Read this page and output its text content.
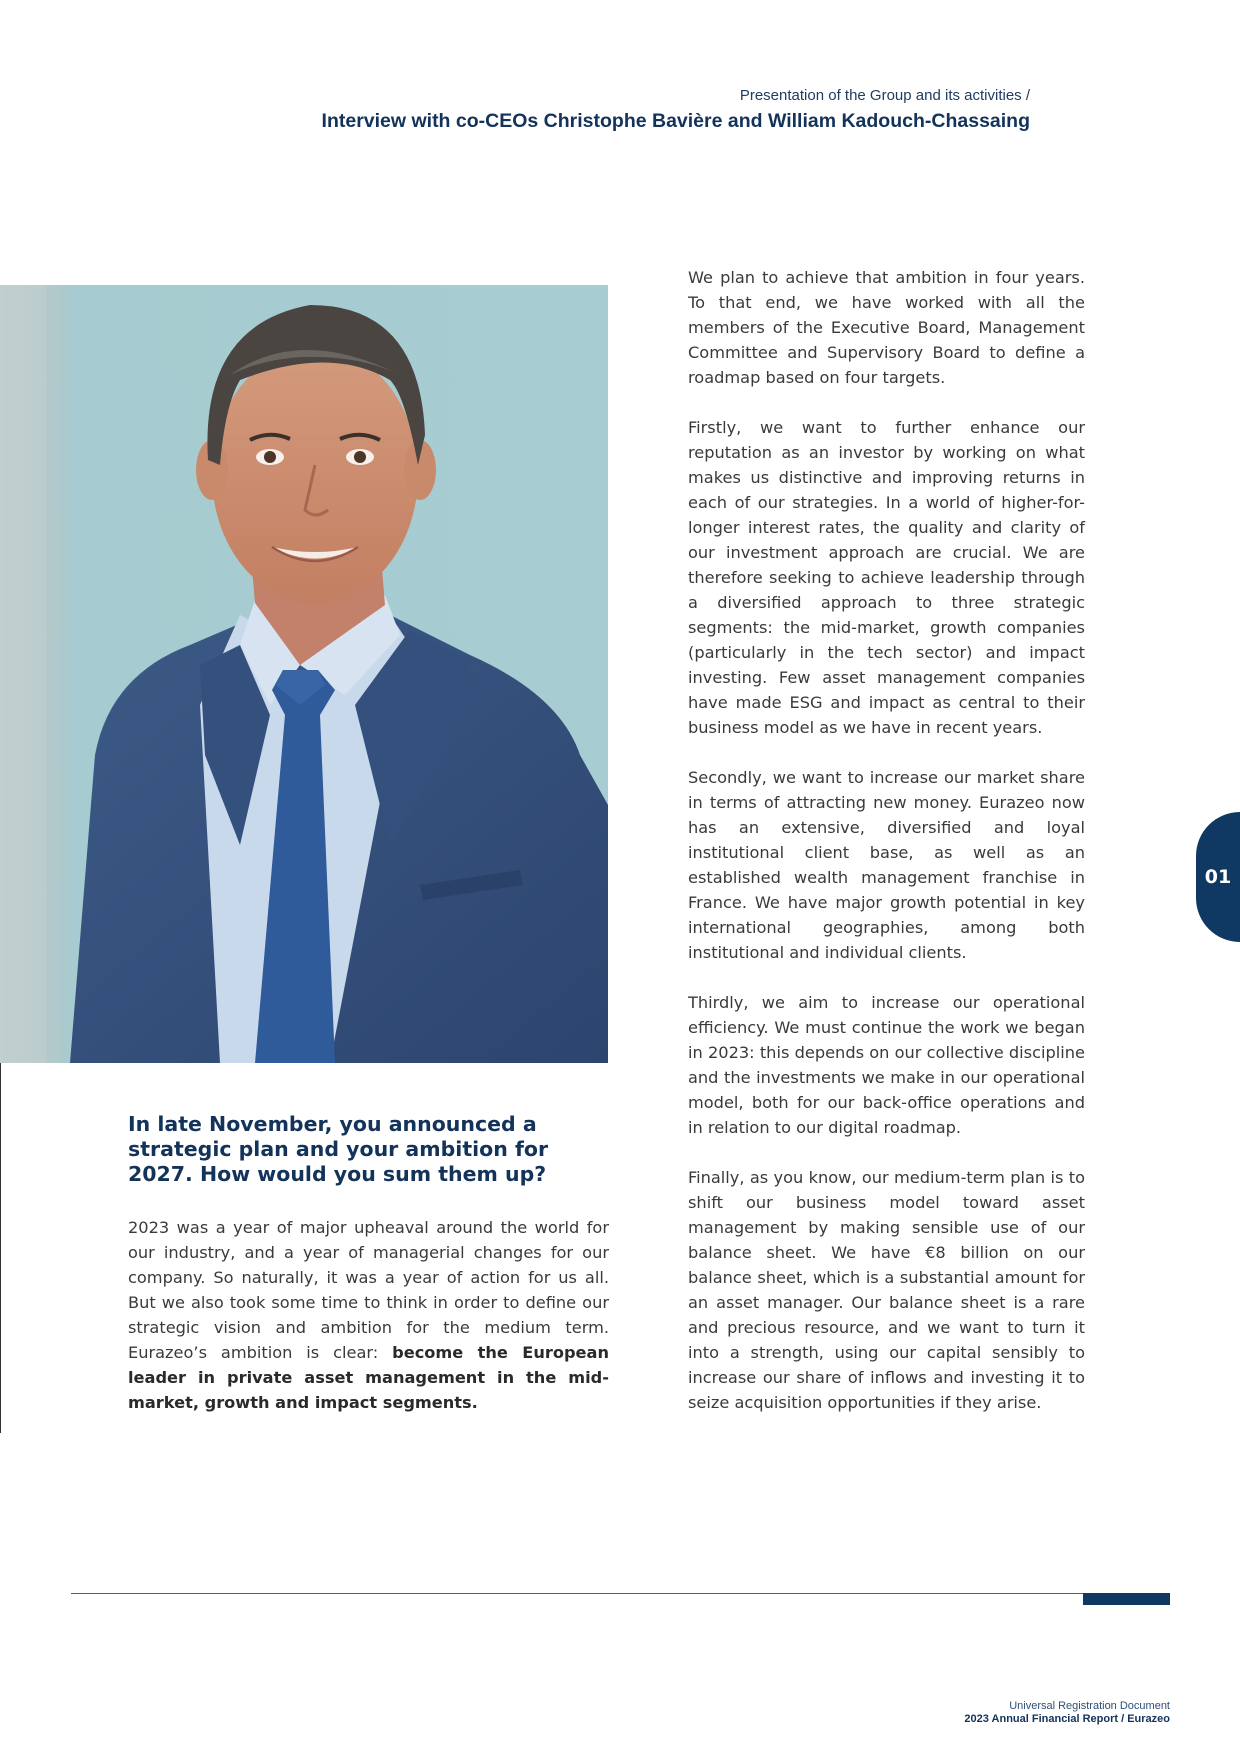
Presentation of the Group and its activities /
Interview with co-CEOs Christophe Bavière and William Kadouch-Chassaing
In late November, you announced a strategic plan and your ambition for 2027. How would you sum them up?

2023 was a year of major upheaval around the world for our industry, and a year of managerial changes for our company. So naturally, it was a year of action for us all. But we also took some time to think in order to define our strategic vision and ambition for the medium term. Eurazeo’s ambition is clear: become the European leader in private asset management in the mid-market, growth and impact segments.

We plan to achieve that ambition in four years. To that end, we have worked with all the members of the Executive Board, Management Committee and Supervisory Board to define a roadmap based on four targets.

Firstly, we want to further enhance our reputation as an investor by working on what makes us distinctive and improving returns in each of our strategies. In a world of higher-for-longer interest rates, the quality and clarity of our investment approach are crucial. We are therefore seeking to achieve leadership through a diversified approach to three strategic segments: the mid-market, growth companies (particularly in the tech sector) and impact investing. Few asset management companies have made ESG and impact as central to their business model as we have in recent years.

Secondly, we want to increase our market share in terms of attracting new money. Eurazeo now has an extensive, diversified and loyal institutional client base, as well as an established wealth management franchise in France. We have major growth potential in key international geographies, among both institutional and individual clients.

Thirdly, we aim to increase our operational efficiency. We must continue the work we began in 2023: this depends on our collective discipline and the investments we make in our operational model, both for our back-office operations and in relation to our digital roadmap.

Finally, as you know, our medium-term plan is to shift our business model toward asset management by making sensible use of our balance sheet. We have €8 billion on our balance sheet, which is a substantial amount for an asset manager. Our balance sheet is a rare and precious resource, and we want to turn it into a strength, using our capital sensibly to increase our share of inflows and investing it to seize acquisition opportunities if they arise.

01
Universal Registration Document
2023 Annual Financial Report / Eurazeo
